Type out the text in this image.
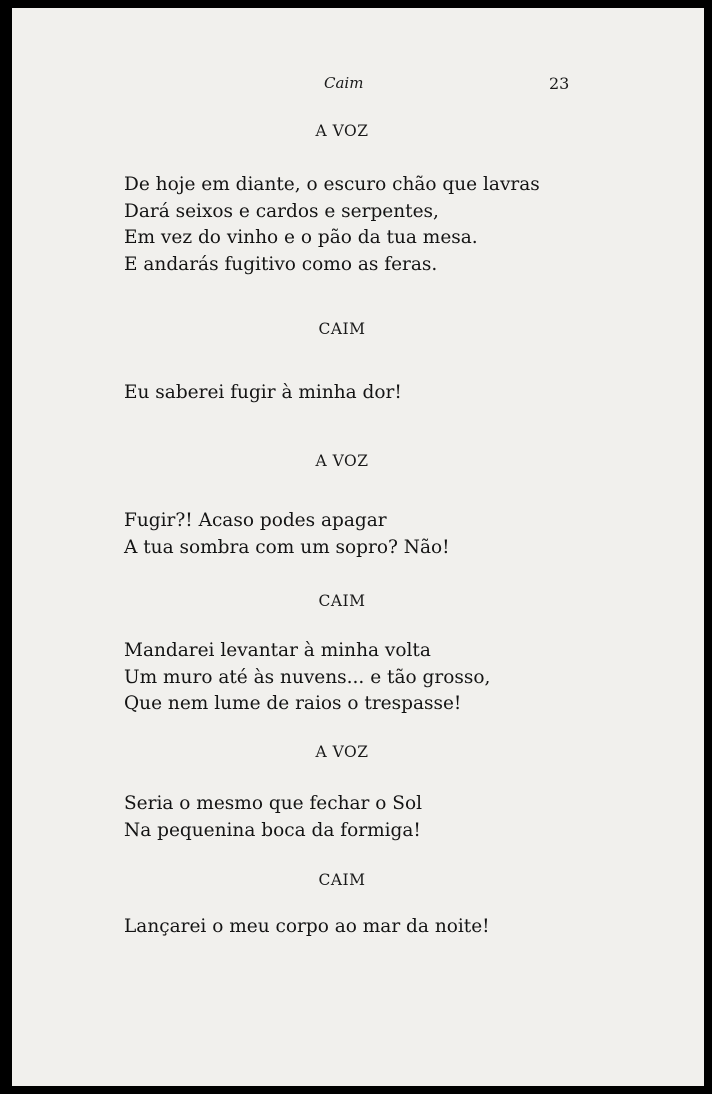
Caim	23
A VOZ
De hoje em diante, o escuro chão que lavras
Dará seixos e cardos e serpentes,
Em vez do vinho e o pão da tua mesa.
E andarás fugitivo como as feras.
CAIM
Eu saberei fugir à minha dor!
A VOZ
Fugir?! Acaso podes apagar
A tua sombra com um sopro? Não!
CAIM
Mandarei levantar à minha volta
Um muro até às nuvens... e tão grosso,
Que nem lume de raios o trespasse!
A VOZ
Seria o mesmo que fechar o Sol
Na pequenina boca da formiga!
CAIM
Lançarei o meu corpo ao mar da noite!
